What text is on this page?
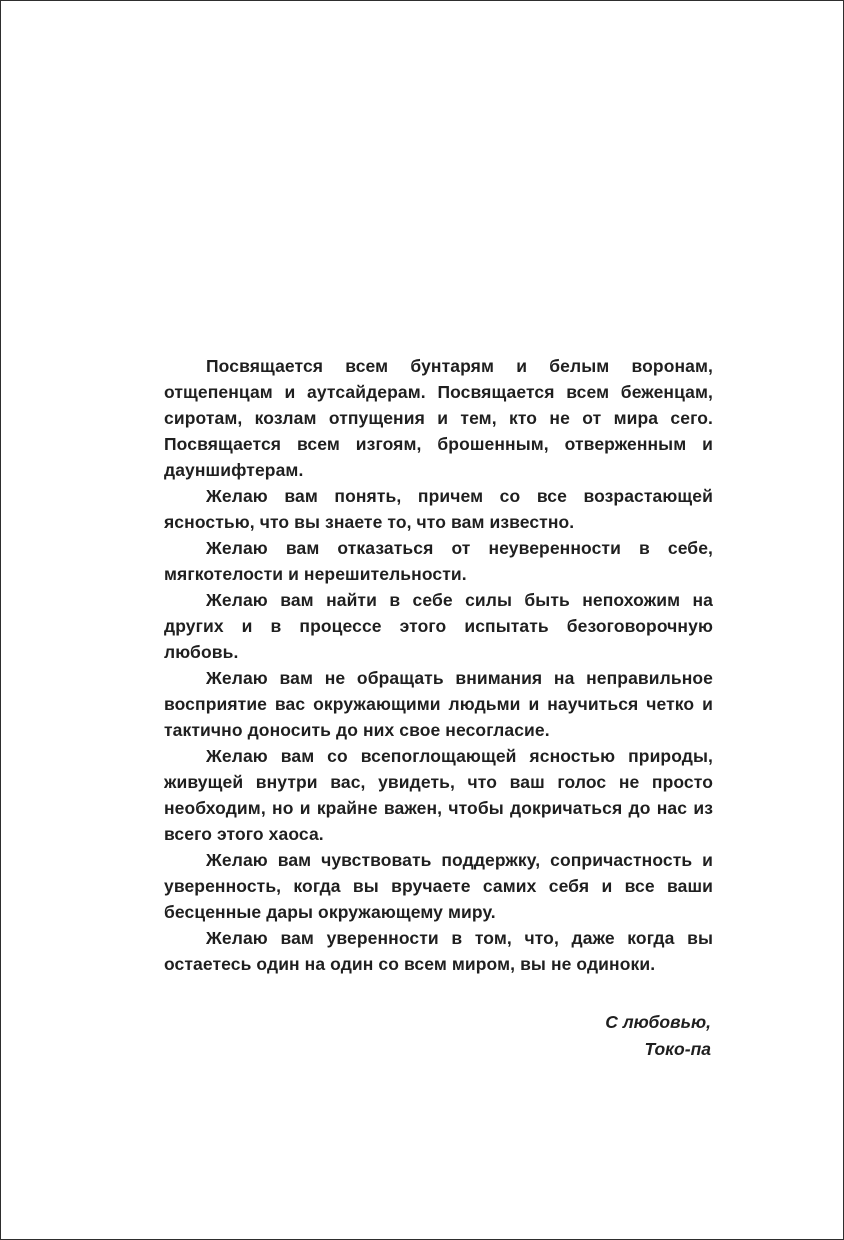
Посвящается всем бунтарям и белым воронам, отщепенцам и аутсайдерам. Посвящается всем беженцам, сиротам, козлам отпущения и тем, кто не от мира сего. Посвящается всем изгоям, брошенным, отверженным и дауншифтерам.

Желаю вам понять, причем со все возрастающей ясностью, что вы знаете то, что вам известно.

Желаю вам отказаться от неуверенности в себе, мягкотелости и нерешительности.

Желаю вам найти в себе силы быть непохожим на других и в процессе этого испытать безоговорочную любовь.

Желаю вам не обращать внимания на неправильное восприятие вас окружающими людьми и научиться четко и тактично доносить до них свое несогласие.

Желаю вам со всепоглощающей ясностью природы, живущей внутри вас, увидеть, что ваш голос не просто необходим, но и крайне важен, чтобы докричаться до нас из всего этого хаоса.

Желаю вам чувствовать поддержку, сопричастность и уверенность, когда вы вручаете самих себя и все ваши бесценные дары окружающему миру.

Желаю вам уверенности в том, что, даже когда вы остаетесь один на один со всем миром, вы не одиноки.

С любовью,

Токо-па
